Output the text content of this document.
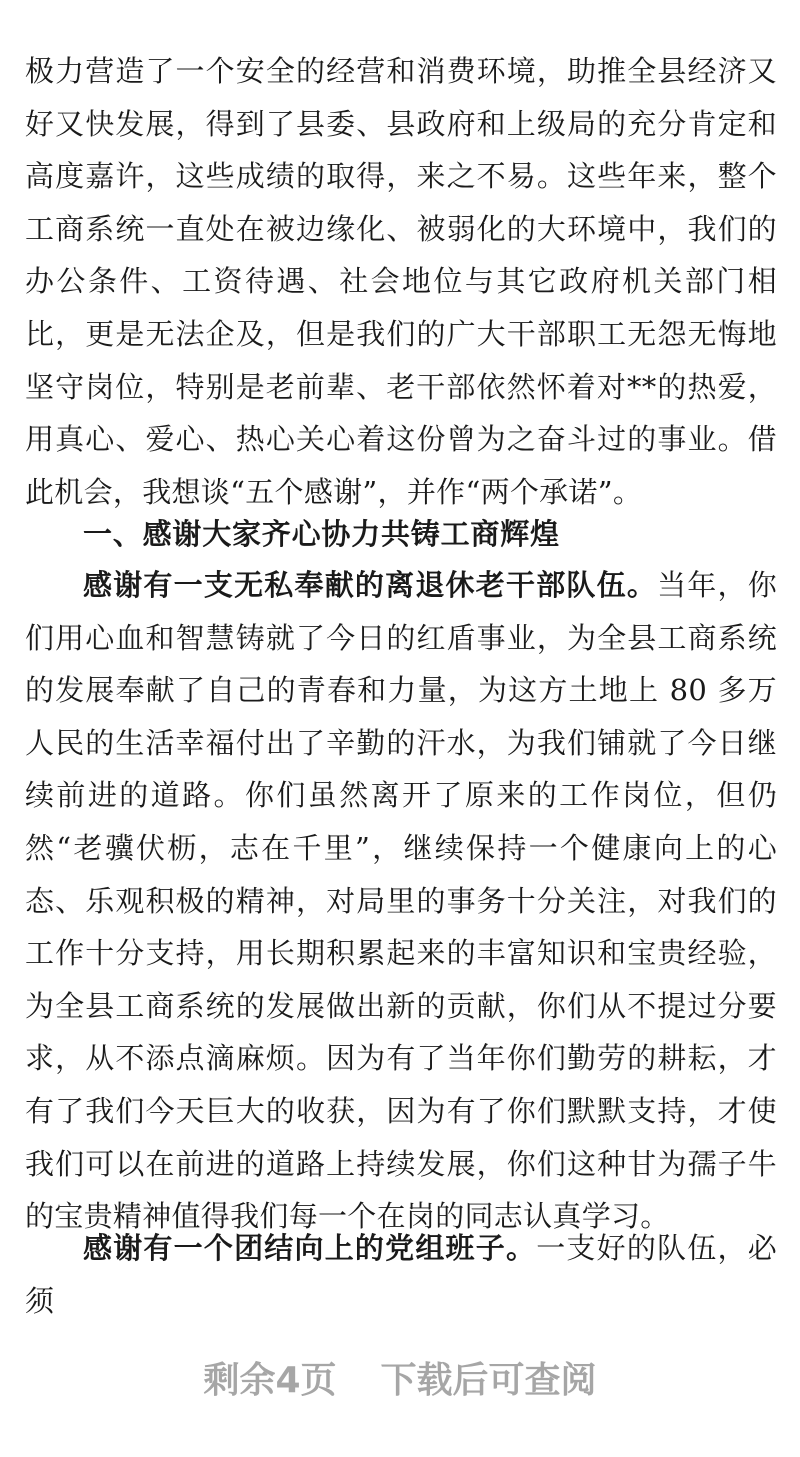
极力营造了一个安全的经营和消费环境，助推全县经济又好又快发展，得到了县委、县政府和上级局的充分肯定和高度嘉许，这些成绩的取得，来之不易。这些年来，整个工商系统一直处在被边缘化、被弱化的大环境中，我们的办公条件、工资待遇、社会地位与其它政府机关部门相比，更是无法企及，但是我们的广大干部职工无怨无悔地坚守岗位，特别是老前辈、老干部依然怀着对**的热爱，用真心、爱心、热心关心着这份曾为之奋斗过的事业。借此机会，我想谈“五个感谢”，并作“两个承诺”。

一、感谢大家齐心协力共铸工商辉煌

感谢有一支无私奉献的离退休老干部队伍。当年，你们用心血和智慧铸就了今日的红盾事业，为全县工商系统的发展奉献了自己的青春和力量，为这方土地上 80 多万人民的生活幸福付出了辛勤的汗水，为我们铺就了今日继续前进的道路。你们虽然离开了原来的工作岗位，但仍然“老骥伏枥，志在千里”，继续保持一个健康向上的心态、乐观积极的精神，对局里的事务十分关注，对我们的工作十分支持，用长期积累起来的丰富知识和宝贵经验，为全县工商系统的发展做出新的贡献，你们从不提过分要求，从不添点滴麻烦。因为有了当年你们勤劳的耕耘，才有了我们今天巨大的收获，因为有了你们默默支持，才使我们可以在前进的道路上持续发展，你们这种甘为孺子牛的宝贵精神值得我们每一个在岗的同志认真学习。

感谢有一个团结向上的党组班子。一支好的队伍，必须

剩余4页 下载后可查阅
